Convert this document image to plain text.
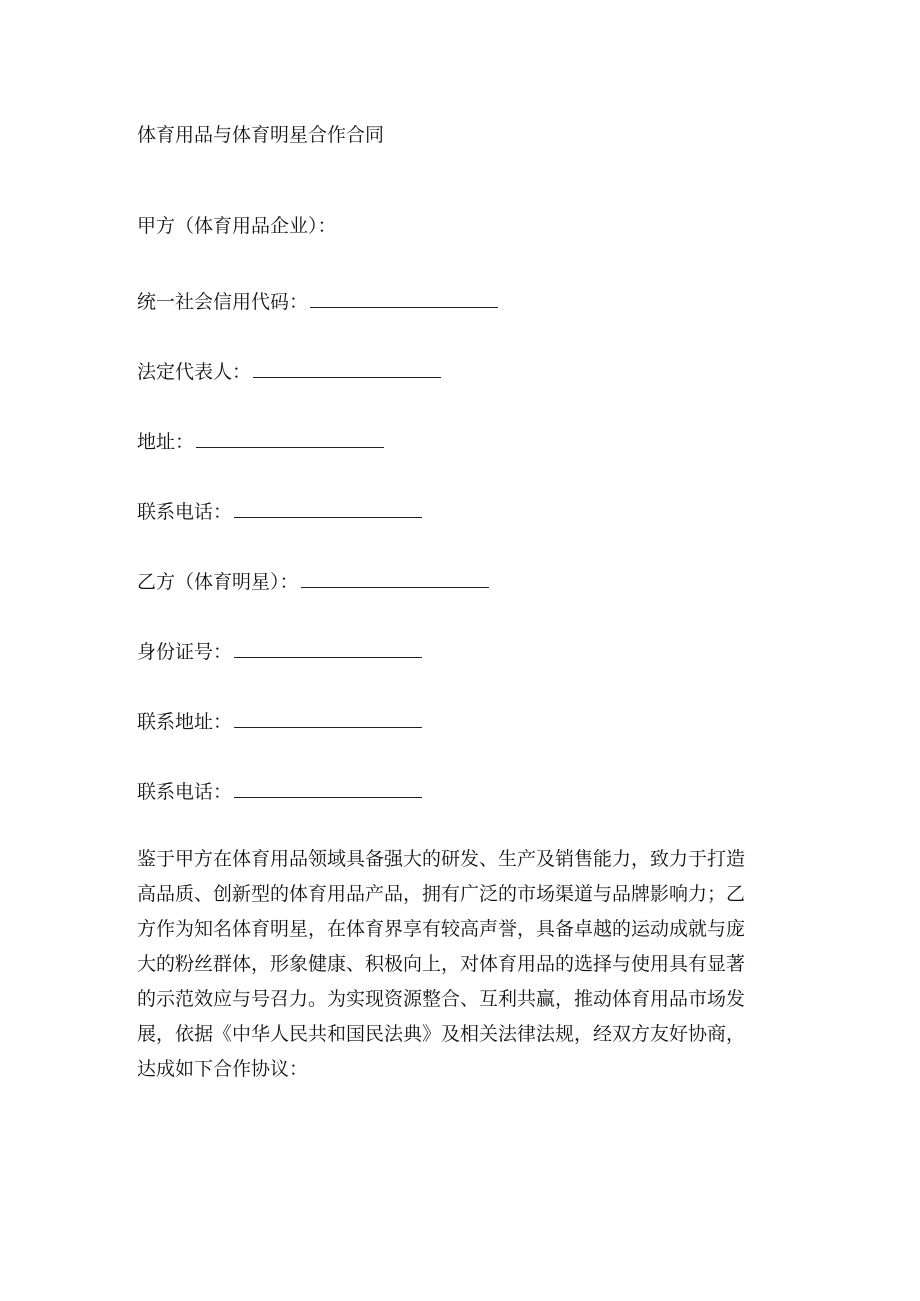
体育用品与体育明星合作合同
甲方（体育用品企业）：
统一社会信用代码：
法定代表人：
地址：
联系电话：
乙方（体育明星）：
身份证号：
联系地址：
联系电话：
鉴于甲方在体育用品领域具备强大的研发、生产及销售能力，致力于打造
高品质、创新型的体育用品产品，拥有广泛的市场渠道与品牌影响力；乙
方作为知名体育明星，在体育界享有较高声誉，具备卓越的运动成就与庞
大的粉丝群体，形象健康、积极向上，对体育用品的选择与使用具有显著
的示范效应与号召力。为实现资源整合、互利共赢，推动体育用品市场发
展，依据《中华人民共和国民法典》及相关法律法规，经双方友好协商，
达成如下合作协议：
